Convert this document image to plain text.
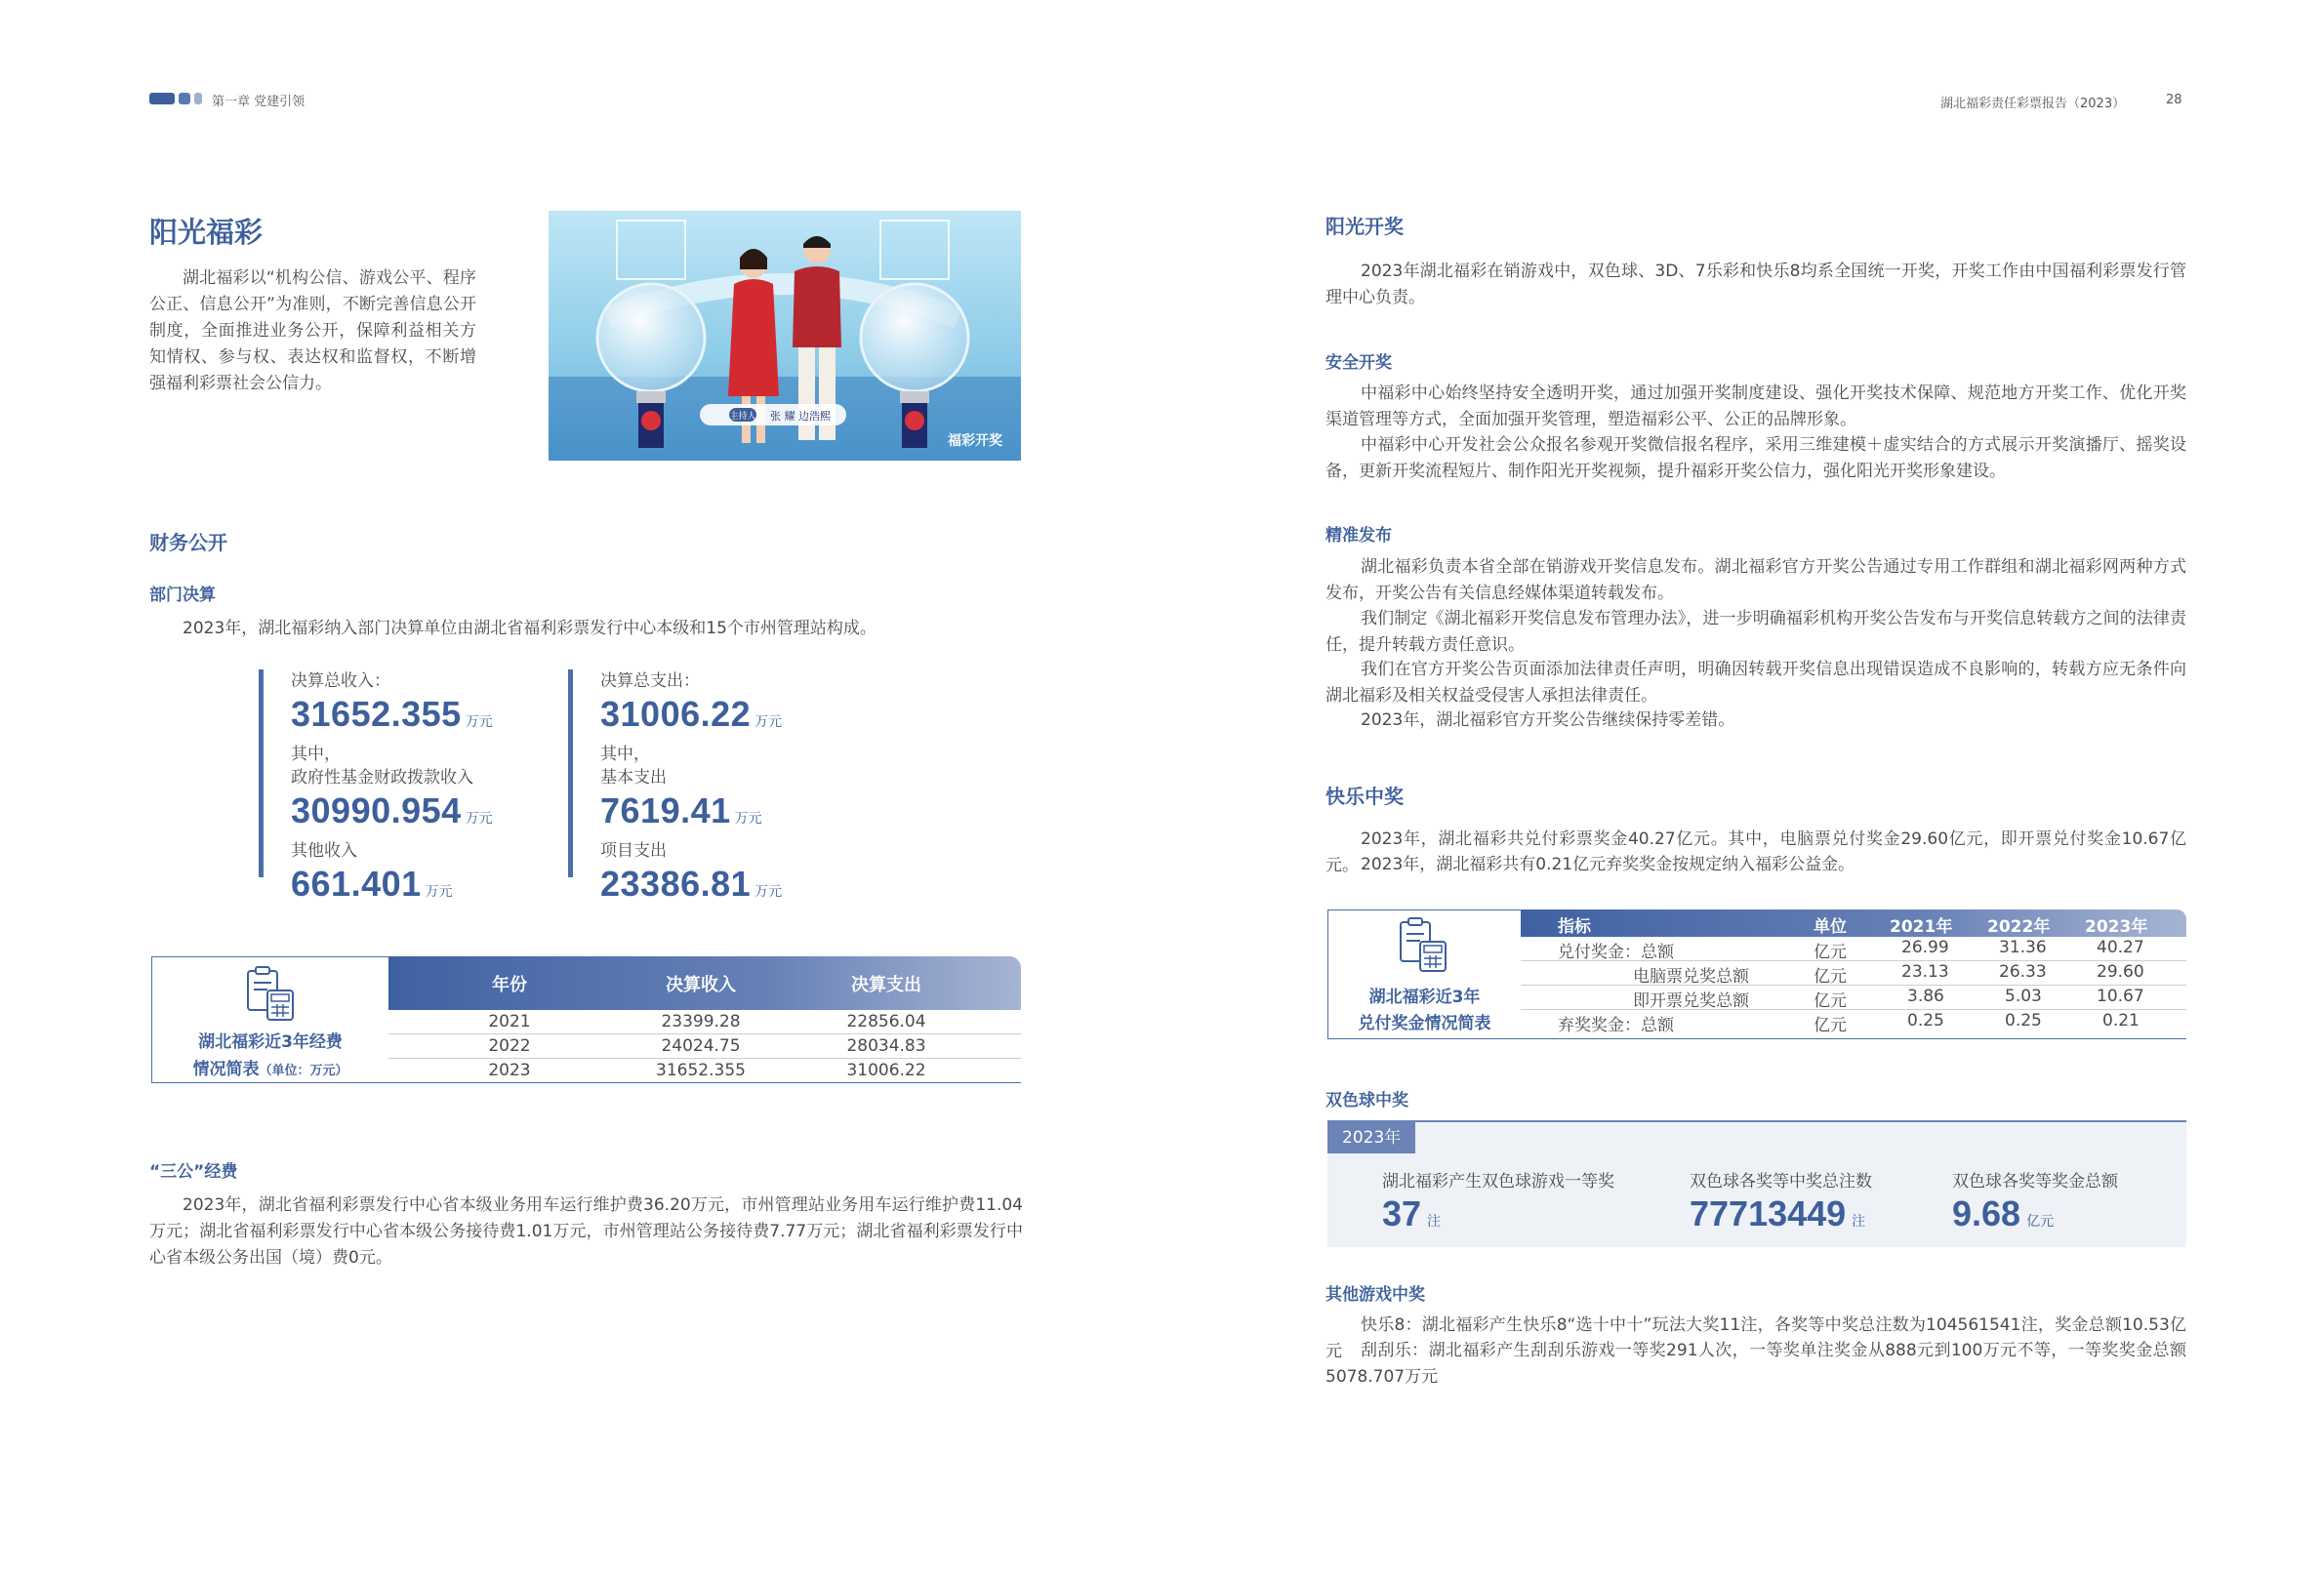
第一章 党建引领	湖北福彩责任彩票报告（2023）	28
阳光福彩
湖北福彩以“机构公信、游戏公平、程序公正、信息公开”为准则，不断完善信息公开制度，全面推进业务公开，保障利益相关方知情权、参与权、表达权和监督权，不断增强福利彩票社会公信力。
主持人 张 耀 边浩熙
福彩开奖
财务公开
部门决算
2023年，湖北福彩纳入部门决算单位由湖北省福利彩票发行中心本级和15个市州管理站构成。
决算总收入：
31652.355 万元
其中，
政府性基金财政拨款收入
30990.954 万元
其他收入
661.401 万元
决算总支出：
31006.22 万元
其中，
基本支出
7619.41 万元
项目支出
23386.81 万元
湖北福彩近3年经费
情况简表（单位：万元）
年份	决算收入	决算支出
2021	23399.28	22856.04
2022	24024.75	28034.83
2023	31652.355	31006.22
“三公”经费
2023年，湖北省福利彩票发行中心省本级业务用车运行维护费36.20万元，市州管理站业务用车运行维护费11.04万元；湖北省福利彩票发行中心省本级公务接待费1.01万元，市州管理站公务接待费7.77万元；湖北省福利彩票发行中心省本级公务出国（境）费0元。
阳光开奖
2023年湖北福彩在销游戏中，双色球、3D、7乐彩和快乐8均系全国统一开奖，开奖工作由中国福利彩票发行管理中心负责。
安全开奖
中福彩中心始终坚持安全透明开奖，通过加强开奖制度建设、强化开奖技术保障、规范地方开奖工作、优化开奖渠道管理等方式，全面加强开奖管理，塑造福彩公平、公正的品牌形象。
中福彩中心开发社会公众报名参观开奖微信报名程序，采用三维建模＋虚实结合的方式展示开奖演播厅、摇奖设备，更新开奖流程短片、制作阳光开奖视频，提升福彩开奖公信力，强化阳光开奖形象建设。
精准发布
湖北福彩负责本省全部在销游戏开奖信息发布。湖北福彩官方开奖公告通过专用工作群组和湖北福彩网两种方式发布，开奖公告有关信息经媒体渠道转载发布。
我们制定《湖北福彩开奖信息发布管理办法》，进一步明确福彩机构开奖公告发布与开奖信息转载方之间的法律责任，提升转载方责任意识。
我们在官方开奖公告页面添加法律责任声明，明确因转载开奖信息出现错误造成不良影响的，转载方应无条件向湖北福彩及相关权益受侵害人承担法律责任。
2023年，湖北福彩官方开奖公告继续保持零差错。
快乐中奖
2023年，湖北福彩共兑付彩票奖金40.27亿元。其中，电脑票兑付奖金29.60亿元，即开票兑付奖金10.67亿元。 2023年，湖北福彩共有0.21亿元弃奖奖金按规定纳入福彩公益金。
湖北福彩近3年
兑付奖金情况简表
指标	单位	2021年 2022年 2023年
兑付奖金：总额	亿元	26.99	31.36	40.27
电脑票兑奖总额	亿元	23.13	26.33	29.60
即开票兑奖总额	亿元	3.86	5.03	10.67
弃奖奖金：总额	亿元	0.25	0.25	0.21
双色球中奖
2023年
湖北福彩产生双色球游戏一等奖
37 注
双色球各奖等中奖总注数
77713449 注
双色球各奖等奖金总额
9.68 亿元
其他游戏中奖
快乐8：湖北福彩产生快乐8“选十中十”玩法大奖11注，各奖等中奖总注数为104561541注，奖金总额10.53亿元	刮刮乐：湖北福彩产生刮刮乐游戏一等奖291人次，一等奖单注奖金从888元到100万元不等，一等奖奖金总额5078.707万元
